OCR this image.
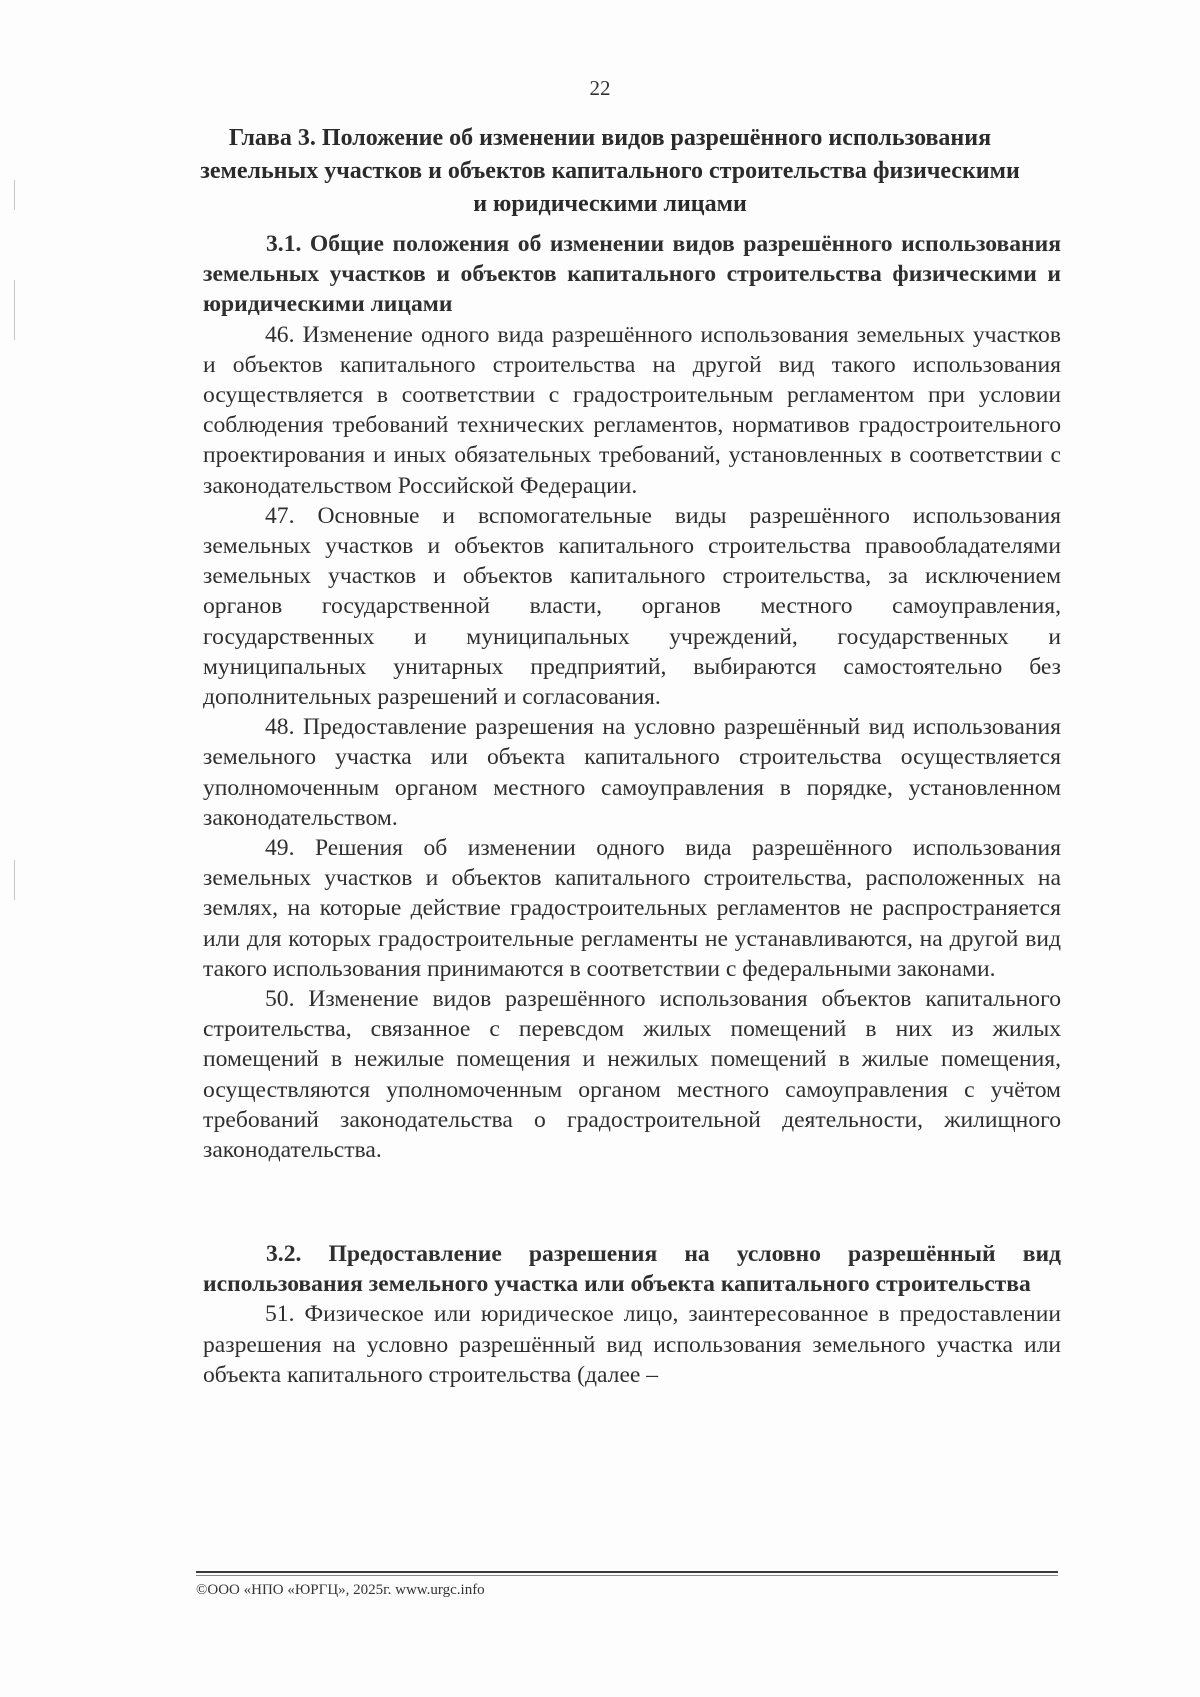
22
Глава 3. Положение об изменении видов разрешённого использования земельных участков и объектов капитального строительства физическими и юридическими лицами

3.1. Общие положения об изменении видов разрешённого использования земельных участков и объектов капитального строительства физическими и юридическими лицами

46. Изменение одного вида разрешённого использования земельных участков и объектов капитального строительства на другой вид такого использования осуществляется в соответствии с градостроительным регламентом при условии соблюдения требований технических регламентов, нормативов градостроительного проектирования и иных обязательных требований, установленных в соответствии с законодательством Российской Федерации.

47. Основные и вспомогательные виды разрешённого использования земельных участков и объектов капитального строительства правообладателями земельных участков и объектов капитального строительства, за исключением органов государственной власти, органов местного самоуправления, государственных и муниципальных учреждений, государственных и муниципальных унитарных предприятий, выбираются самостоятельно без дополнительных разрешений и согласования.

48. Предоставление разрешения на условно разрешённый вид использования земельного участка или объекта капитального строительства осуществляется уполномоченным органом местного самоуправления в порядке, установленном законодательством.

49. Решения об изменении одного вида разрешённого использования земельных участков и объектов капитального строительства, расположенных на землях, на которые действие градостроительных регламентов не распространяется или для которых градостроительные регламенты не устанавливаются, на другой вид такого использования принимаются в соответствии с федеральными законами.

50. Изменение видов разрешённого использования объектов капитального строительства, связанное с перевсдом жилых помещений в них из жилых помещений в нежилые помещения и нежилых помещений в жилые помещения, осуществляются уполномоченным органом местного самоуправления с учётом требований законодательства о градостроительной деятельности, жилищного законодательства.

3.2. Предоставление разрешения на условно разрешённый вид использования земельного участка или объекта капитального строительства

51. Физическое или юридическое лицо, заинтересованное в предоставлении разрешения на условно разрешённый вид использования земельного участка или объекта капитального строительства (далее –

©ООО «НПО «ЮРГЦ», 2025г. www.urgc.info
